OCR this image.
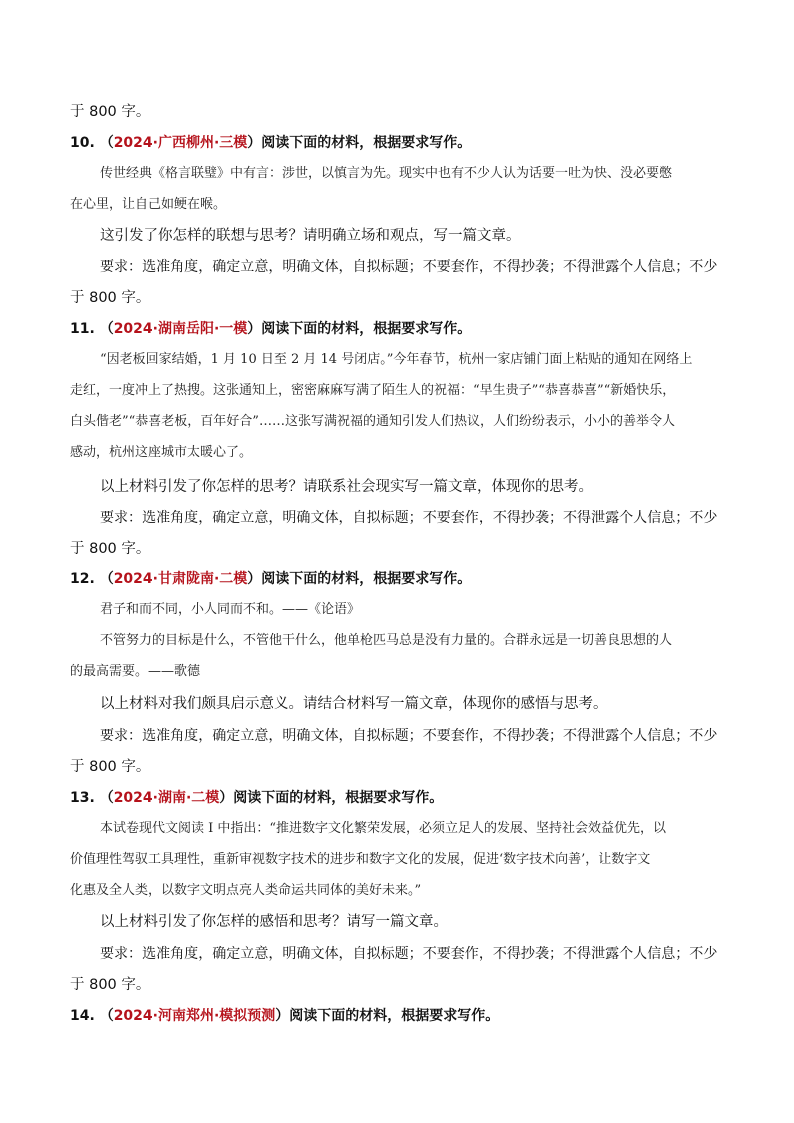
于 800 字。
10. （2024·广西柳州·三模）阅读下面的材料，根据要求写作。
传世经典《格言联璧》中有言：涉世，以慎言为先。现实中也有不少人认为话要一吐为快、没必要憋
在心里，让自己如鲠在喉。
这引发了你怎样的联想与思考？请明确立场和观点，写一篇文章。
要求：选准角度，确定立意，明确文体，自拟标题；不要套作，不得抄袭；不得泄露个人信息；不少
于 800 字。
11. （2024·湖南岳阳·一模）阅读下面的材料，根据要求写作。
“因老板回家结婚，1 月 10 日至 2 月 14 号闭店。”今年春节，杭州一家店铺门面上粘贴的通知在网络上
走红，一度冲上了热搜。这张通知上，密密麻麻写满了陌生人的祝福：“早生贵子”“恭喜恭喜”“新婚快乐，
白头偕老”“恭喜老板，百年好合”……这张写满祝福的通知引发人们热议，人们纷纷表示，小小的善举令人
感动，杭州这座城市太暖心了。
以上材料引发了你怎样的思考？请联系社会现实写一篇文章，体现你的思考。
要求：选准角度，确定立意，明确文体，自拟标题；不要套作，不得抄袭；不得泄露个人信息；不少
于 800 字。
12. （2024·甘肃陇南·二模）阅读下面的材料，根据要求写作。
君子和而不同，小人同而不和。——《论语》
不管努力的目标是什么，不管他干什么，他单枪匹马总是没有力量的。合群永远是一切善良思想的人
的最高需要。——歌德
以上材料对我们颇具启示意义。请结合材料写一篇文章，体现你的感悟与思考。
要求：选准角度，确定立意，明确文体，自拟标题；不要套作，不得抄袭；不得泄露个人信息；不少
于 800 字。
13. （2024·湖南·二模）阅读下面的材料，根据要求写作。
本试卷现代文阅读 I 中指出：“推进数字文化繁荣发展，必须立足人的发展、坚持社会效益优先，以
价值理性驾驭工具理性，重新审视数字技术的进步和数字文化的发展，促进‘数字技术向善’，让数字文
化惠及全人类，以数字文明点亮人类命运共同体的美好未来。”
以上材料引发了你怎样的感悟和思考？请写一篇文章。
要求：选准角度，确定立意，明确文体，自拟标题；不要套作，不得抄袭；不得泄露个人信息；不少
于 800 字。
14. （2024·河南郑州·模拟预测）阅读下面的材料，根据要求写作。
